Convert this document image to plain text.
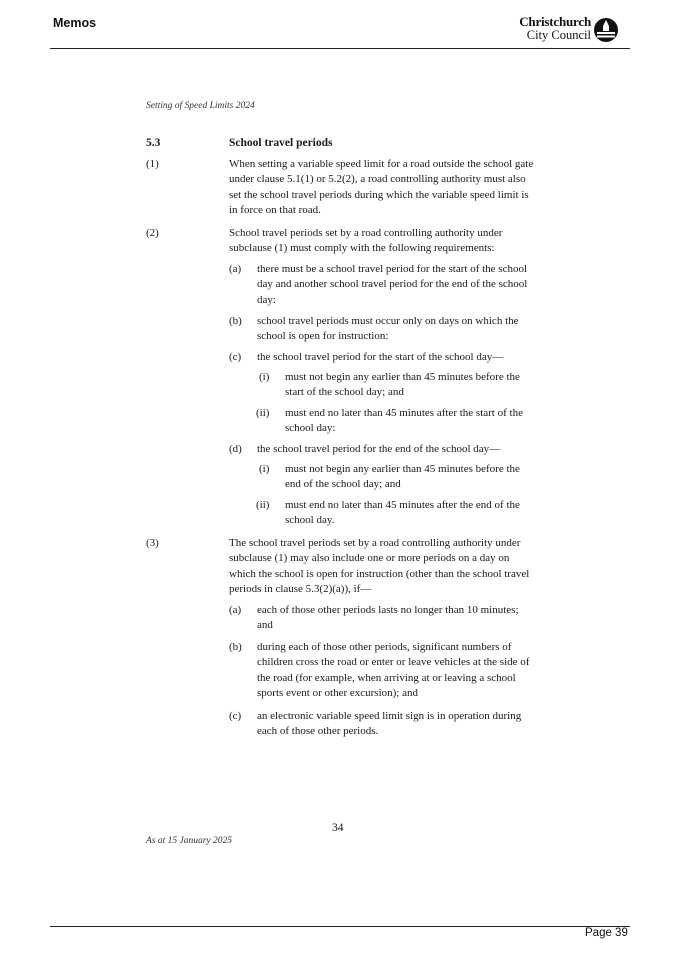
Memos	Christchurch
City Council
Setting of Speed Limits 2024
5.3	School travel periods
(1)	When setting a variable speed limit for a road outside the school gate under clause 5.1(1) or 5.2(2), a road controlling authority must also set the school travel periods during which the variable speed limit is in force on that road.
(2)	School travel periods set by a road controlling authority under subclause (1) must comply with the following requirements:
(a) there must be a school travel period for the start of the school day and another school travel period for the end of the school day:
(b) school travel periods must occur only on days on which the school is open for instruction:
(c) the school travel period for the start of the school day—
(i) must not begin any earlier than 45 minutes before the start of the school day; and
(ii) must end no later than 45 minutes after the start of the school day:
(d) the school travel period for the end of the school day—
(i) must not begin any earlier than 45 minutes before the end of the school day; and
(ii) must end no later than 45 minutes after the end of the school day.
(3)	The school travel periods set by a road controlling authority under subclause (1) may also include one or more periods on a day on which the school is open for instruction (other than the school travel periods in clause 5.3(2)(a)), if—
(a) each of those other periods lasts no longer than 10 minutes; and
(b) during each of those other periods, significant numbers of children cross the road or enter or leave vehicles at the side of the road (for example, when arriving at or leaving a school sports event or other excursion); and
(c) an electronic variable speed limit sign is in operation during each of those other periods.
34
As at 15 January 2025
Page 39
